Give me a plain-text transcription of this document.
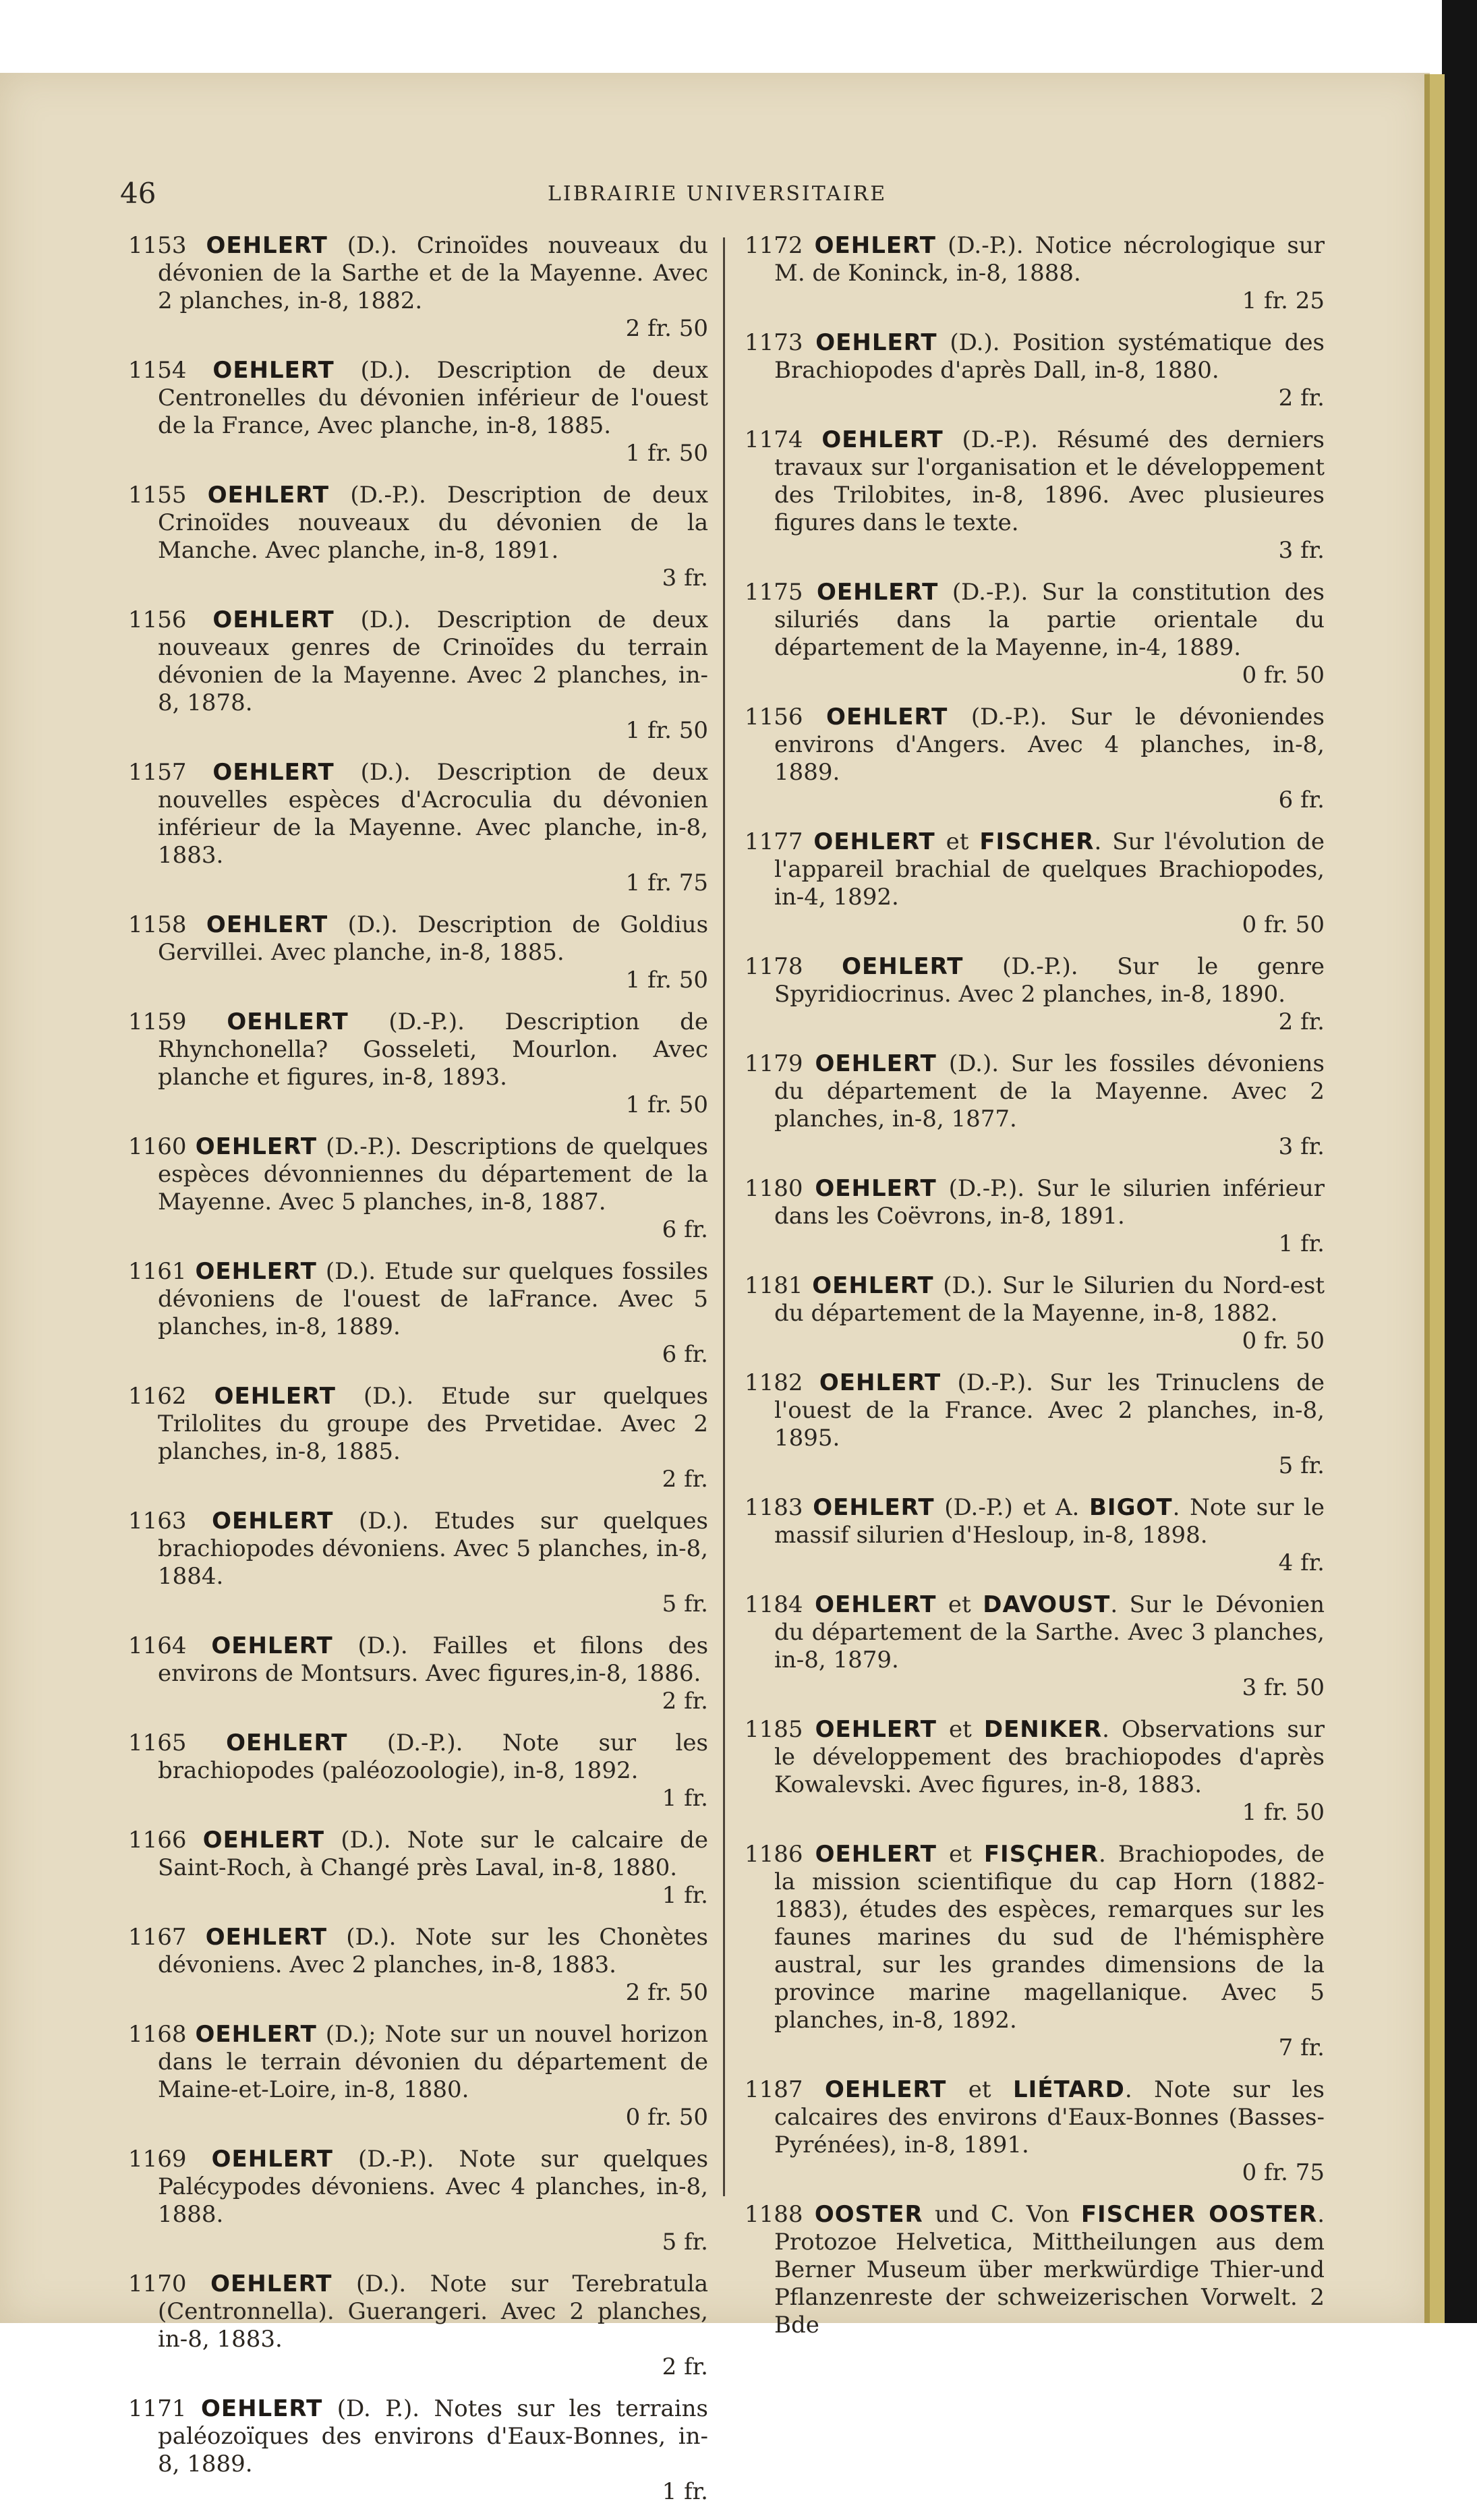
46	LIBRAIRIE UNIVERSITAIRE
1153 OEHLERT (D.). Crinoïdes nouveaux du dévonien de la Sarthe et de la Mayenne. Avec 2 planches, in-8, 1882.
2 fr. 50
1154 OEHLERT (D.). Description de deux Centronelles du dévonien inférieur de l'ouest de la France, Avec planche, in-8, 1885.
1 fr. 50
1155 OEHLERT (D.-P.). Description de deux Crinoïdes nouveaux du dévonien de la Manche. Avec planche, in-8, 1891.
3 fr.
1156 OEHLERT (D.). Description de deux nouveaux genres de Crinoïdes du terrain dévonien de la Mayenne. Avec 2 planches, in-8, 1878.
1 fr. 50
1157 OEHLERT (D.). Description de deux nouvelles espèces d'Acroculia du dévonien inférieur de la Mayenne. Avec planche, in-8, 1883.
1 fr. 75
1158 OEHLERT (D.). Description de Goldius Gervillei. Avec planche, in-8, 1885.
1 fr. 50
1159 OEHLERT (D.-P.). Description de Rhynchonella? Gosseleti, Mourlon. Avec planche et figures, in-8, 1893.
1 fr. 50
1160 OEHLERT (D.-P.). Descriptions de quelques espèces dévonniennes du département de la Mayenne. Avec 5 planches, in-8, 1887.
6 fr.
1161 OEHLERT (D.). Etude sur quelques fossiles dévoniens de l'ouest de laFrance. Avec 5 planches, in-8, 1889.
6 fr.
1162 OEHLERT (D.). Etude sur quelques Trilolites du groupe des Prvetidae. Avec 2 planches, in-8, 1885.
2 fr.
1163 OEHLERT (D.). Etudes sur quelques brachiopodes dévoniens. Avec 5 planches, in-8, 1884.
5 fr.
1164 OEHLERT (D.). Failles et filons des environs de Montsurs. Avec figures,in-8, 1886.
2 fr.
1165 OEHLERT (D.-P.). Note sur les brachiopodes (paléozoologie), in-8, 1892.
1 fr.
1166 OEHLERT (D.). Note sur le calcaire de Saint-Roch, à Changé près Laval, in-8, 1880.
1 fr.
1167 OEHLERT (D.). Note sur les Chonètes dévoniens. Avec 2 planches, in-8, 1883.
2 fr. 50
1168 OEHLERT (D.); Note sur un nouvel horizon dans le terrain dévonien du département de Maine-et-Loire, in-8, 1880.
0 fr. 50
1169 OEHLERT (D.-P.). Note sur quelques Palécypodes dévoniens. Avec 4 planches, in-8, 1888.
5 fr.
1170 OEHLERT (D.). Note sur Terebratula (Centronnella). Guerangeri. Avec 2 planches, in-8, 1883.
2 fr.
1171 OEHLERT (D. P.). Notes sur les terrains paléozoïques des environs d'Eaux-Bonnes, in-8, 1889.
1 fr.
1172 OEHLERT (D.-P.). Notice nécrologique sur M. de Koninck, in-8, 1888.
1 fr. 25
1173 OEHLERT (D.). Position systématique des Brachiopodes d'après Dall, in-8, 1880.
2 fr.
1174 OEHLERT (D.-P.). Résumé des derniers travaux sur l'organisation et le développement des Trilobites, in-8, 1896. Avec plusieures figures dans le texte.
3 fr.
1175 OEHLERT (D.-P.). Sur la constitution des siluriés dans la partie orientale du département de la Mayenne, in-4, 1889.
0 fr. 50
1156 OEHLERT (D.-P.). Sur le dévoniendes environs d'Angers. Avec 4 planches, in-8, 1889.
6 fr.
1177 OEHLERT et FISCHER. Sur l'évolution de l'appareil brachial de quelques Brachiopodes, in-4, 1892.
0 fr. 50
1178 OEHLERT (D.-P.). Sur le genre Spyridiocrinus. Avec 2 planches, in-8, 1890.
2 fr.
1179 OEHLERT (D.). Sur les fossiles dévoniens du département de la Mayenne. Avec 2 planches, in-8, 1877.
3 fr.
1180 OEHLERT (D.-P.). Sur le silurien inférieur dans les Coëvrons, in-8, 1891.
1 fr.
1181 OEHLERT (D.). Sur le Silurien du Nord-est du département de la Mayenne, in-8, 1882.
0 fr. 50
1182 OEHLERT (D.-P.). Sur les Trinuclens de l'ouest de la France. Avec 2 planches, in-8, 1895.
5 fr.
1183 OEHLERT (D.-P.) et A. BIGOT. Note sur le massif silurien d'Hesloup, in-8, 1898.
4 fr.
1184 OEHLERT et DAVOUST. Sur le Dévonien du département de la Sarthe. Avec 3 planches, in-8, 1879.
3 fr. 50
1185 OEHLERT et DENIKER. Observations sur le développement des brachiopodes d'après Kowalevski. Avec figures, in-8, 1883.
1 fr. 50
1186 OEHLERT et FISÇHER. Brachiopodes, de la mission scientifique du cap Horn (1882-1883), études des espèces, remarques sur les faunes marines du sud de l'hémisphère austral, sur les grandes dimensions de la province marine magellanique. Avec 5 planches, in-8, 1892.
7 fr.
1187 OEHLERT et LIÉTARD. Note sur les calcaires des environs d'Eaux-Bonnes (Basses-Pyrénées), in-8, 1891.
0 fr. 75
1188 OOSTER und C. Von FISCHER OOSTER. Protozoe Helvetica, Mittheilungen aus dem Berner Museum über merkwürdige Thier-und Pflanzenreste der schweizerischen Vorwelt. 2 Bde
